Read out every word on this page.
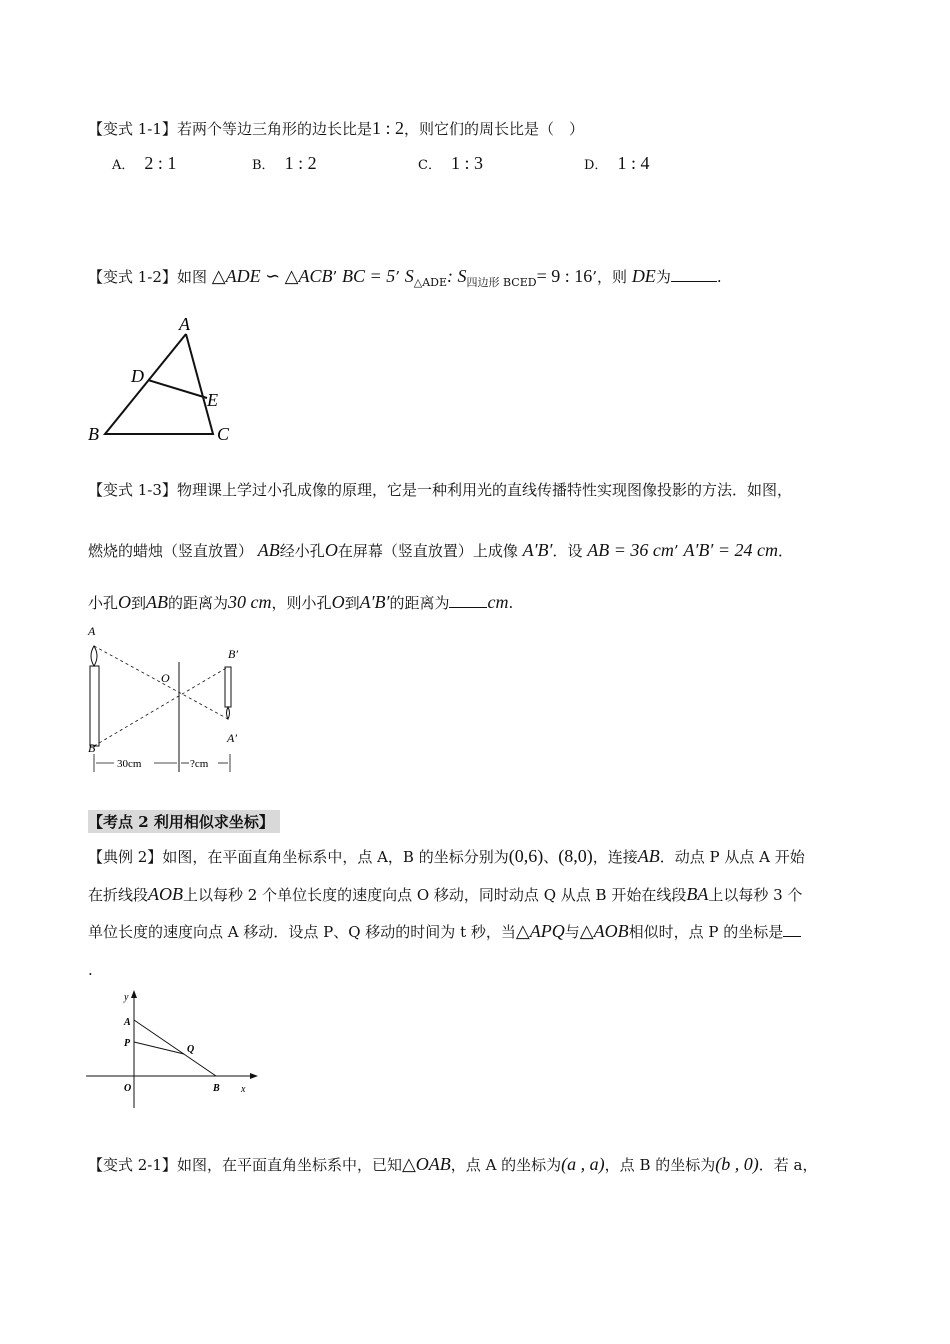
【变式 1-1】若两个等边三角形的边长比是1 : 2，则它们的周长比是（　）
A． 2 : 1	B． 1 : 2	C． 1 : 3	D． 1 : 4
【变式 1-2】如图 △ADE ∽ △ACB’ BC = 5’ $S_{\triangle ADE}$: $S_{四边形 BCED}= 9$ : 16’，则 DE为	.
A
D
E
B	C
【变式 1-3】物理课上学过小孔成像的原理，它是一种利用光的直线传播特性实现图像投影的方法．如图，
燃烧的蜡烛（竖直放置） AB经小孔O在屏幕（竖直放置）上成像 A′B′．设 AB = 36 cm’ A′B′ = 24 cm．
小孔O到AB的距离为30 cm，则小孔O到A′B′的距离为 cm.
A
B
B′
A′
O
30cm	?cm
【考点 2 利用相似求坐标】
【典例 2】如图，在平面直角坐标系中，点 A，B 的坐标分别为(0,6)、(8,0)，连接AB．动点 P 从点 A 开始
在折线段AOB上以每秒 2 个单位长度的速度向点 O 移动，同时动点 Q 从点 B 开始在线段BA上以每秒 3 个
单位长度的速度向点 A 移动．设点 P、Q 移动的时间为 t 秒，当△APQ与△AOB相似时，点 P 的坐标是
.
y
A
P
Q
O	B x
【变式 2-1】如图，在平面直角坐标系中，已知△OAB，点 A 的坐标为(a , a)，点 B 的坐标为(b , 0)．若 a，
